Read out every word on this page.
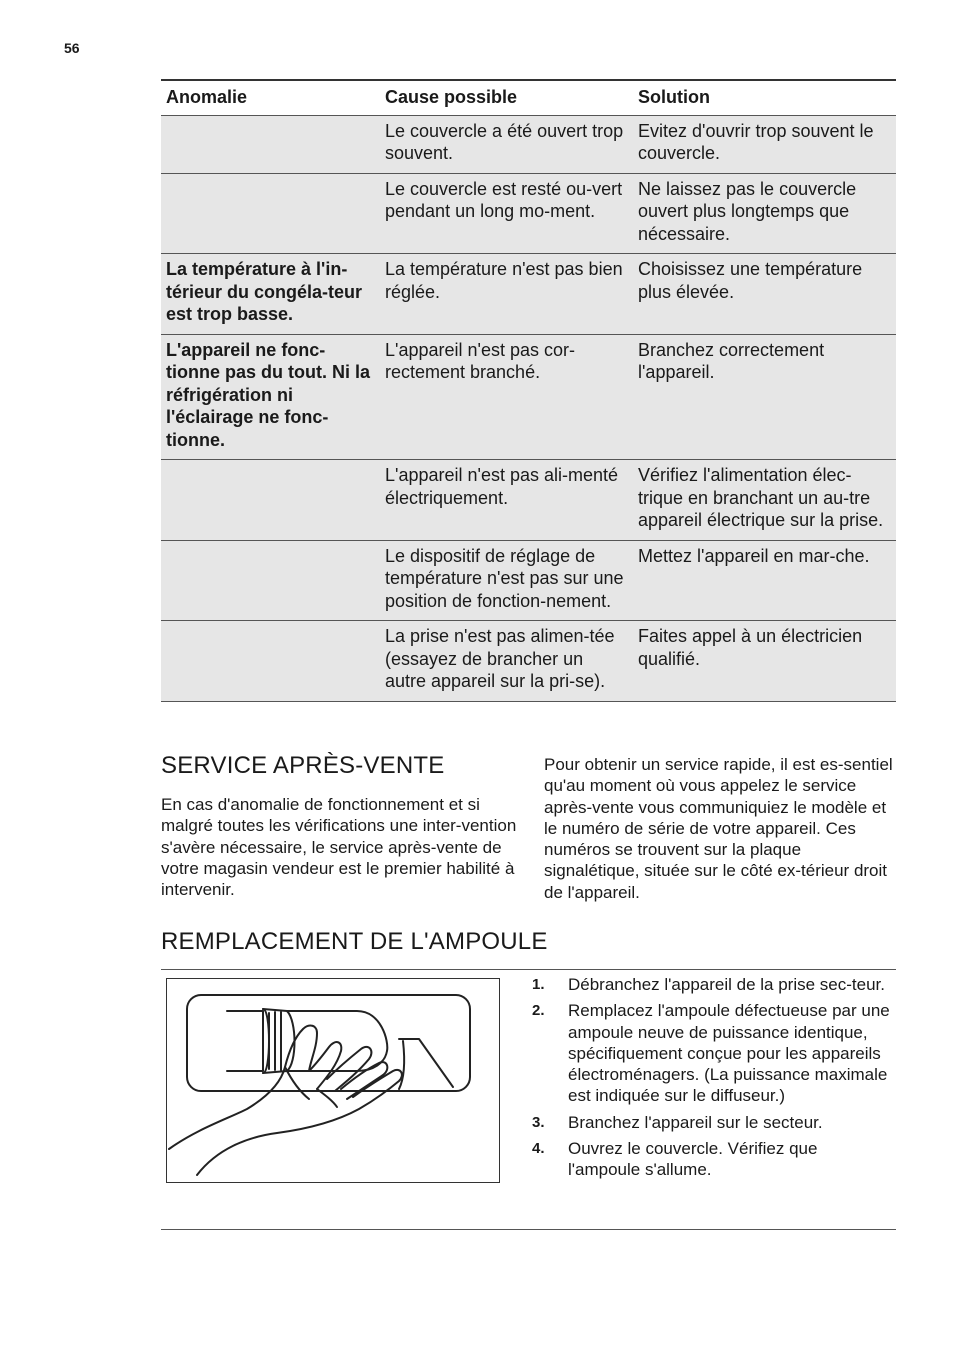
56
Anomalie	Cause possible	Solution
	Le couvercle a été ouvert trop souvent.	Evitez d'ouvrir trop souvent le couvercle.
	Le couvercle est resté ou-vert pendant un long mo-ment.	Ne laissez pas le couvercle ouvert plus longtemps que nécessaire.
La température à l'in-térieur du congéla-teur est trop basse.	La température n'est pas bien réglée.	Choisissez une température plus élevée.
L'appareil ne fonc-tionne pas du tout. Ni la réfrigération ni l'éclairage ne fonc-tionne.	L'appareil n'est pas cor-rectement branché.	Branchez correctement l'appareil.
	L'appareil n'est pas ali-menté électriquement.	Vérifiez l'alimentation élec-trique en branchant un au-tre appareil électrique sur la prise.
	Le dispositif de réglage de température n'est pas sur une position de fonction-nement.	Mettez l'appareil en mar-che.
	La prise n'est pas alimen-tée (essayez de brancher un autre appareil sur la pri-se).	Faites appel à un électricien qualifié.
SERVICE APRÈS-VENTE

En cas d'anomalie de fonctionnement et si malgré toutes les vérifications une inter-vention s'avère nécessaire, le service après-vente de votre magasin vendeur est le premier habilité à intervenir.

Pour obtenir un service rapide, il est es-sentiel qu'au moment où vous appelez le service après-vente vous communiquiez le modèle et le numéro de série de votre appareil. Ces numéros se trouvent sur la plaque signalétique, située sur le côté ex-térieur droit de l'appareil.

REMPLACEMENT DE L'AMPOULE
1. Débranchez l'appareil de la prise sec-teur.
2. Remplacez l'ampoule défectueuse par une ampoule neuve de puissance identique, spécifiquement conçue pour les appareils électroménagers. (La puissance maximale est indiquée sur le diffuseur.)
3. Branchez l'appareil sur le secteur.
4. Ouvrez le couvercle. Vérifiez que l'ampoule s'allume.
